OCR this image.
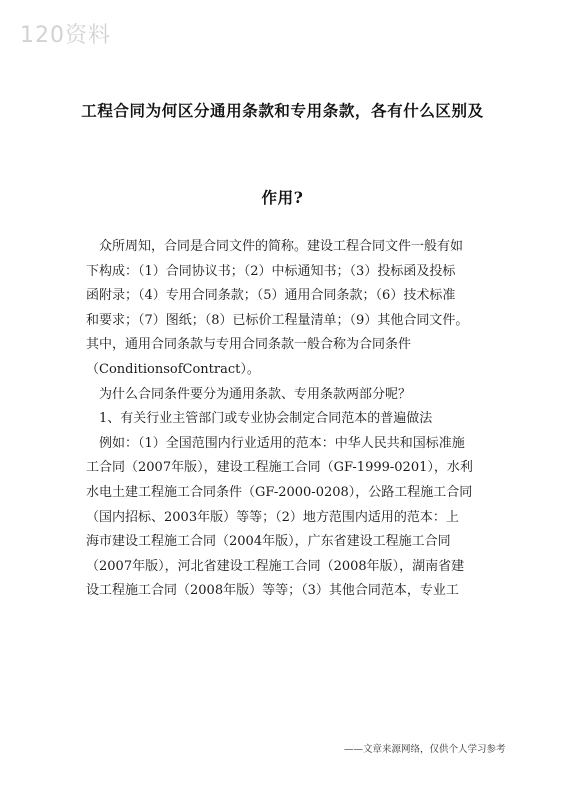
120资料
工程合同为何区分通用条款和专用条款，各有什么区别及
作用?
众所周知，合同是合同文件的简称。建设工程合同文件一般有如
下构成：（1）合同协议书；（2）中标通知书；（3）投标函及投标
函附录；（4）专用合同条款；（5）通用合同条款；（6）技术标准
和要求；（7）图纸；（8）已标价工程量清单；（9）其他合同文件。
其中，通用合同条款与专用合同条款一般合称为合同条件
（ConditionsofContract）。
为什么合同条件要分为通用条款、专用条款两部分呢？
1、有关行业主管部门或专业协会制定合同范本的普遍做法
例如：（1）全国范围内行业适用的范本：中华人民共和国标准施
工合同（2007年版），建设工程施工合同（GF-1999-0201），水利
水电土建工程施工合同条件（GF-2000-0208），公路工程施工合同
（国内招标、2003年版）等等；（2）地方范围内适用的范本：上
海市建设工程施工合同（2004年版），广东省建设工程施工合同
（2007年版），河北省建设工程施工合同（2008年版），湖南省建
设工程施工合同（2008年版）等等；（3）其他合同范本，专业工
——文章来源网络，仅供个人学习参考
